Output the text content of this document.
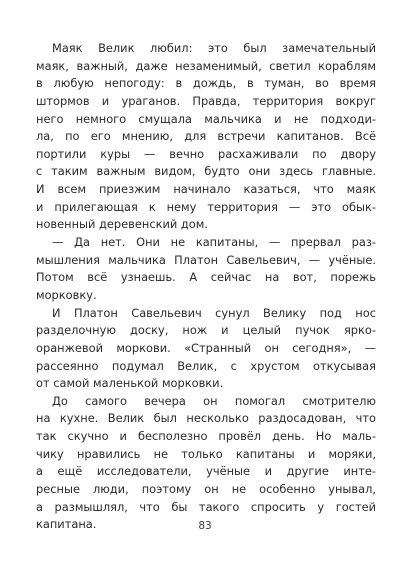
Маяк Велик любил: это был замечательный
маяк, важный, даже незаменимый, светил кораблям
в любую непогоду: в дождь, в туман, во время
штормов и ураганов. Правда, территория вокруг
него немного смущала мальчика и не подходи-
ла, по его мнению, для встречи капитанов. Всё
портили куры — вечно расхаживали по двору
с таким важным видом, будто они здесь главные.
И всем приезжим начинало казаться, что маяк
и прилегающая к нему территория — это обык-
новенный деревенский дом.
— Да нет. Они не капитаны, — прервал раз-
мышления мальчика Платон Савельевич, — учёные.
Потом всё узнаешь. А сейчас на вот, порежь
морковку.
И Платон Савельевич сунул Велику под нос
разделочную доску, нож и целый пучок ярко-
оранжевой моркови. «Странный он сегодня», —
рассеянно подумал Велик, с хрустом откусывая
от самой маленькой морковки.
До самого вечера он помогал смотрителю
на кухне. Велик был несколько раздосадован, что
так скучно и бесполезно провёл день. Но маль-
чику нравились не только капитаны и моряки,
а ещё исследователи, учёные и другие инте-
ресные люди, поэтому он не особенно унывал,
а размышлял, что бы такого спросить у гостей
капитана.	83
